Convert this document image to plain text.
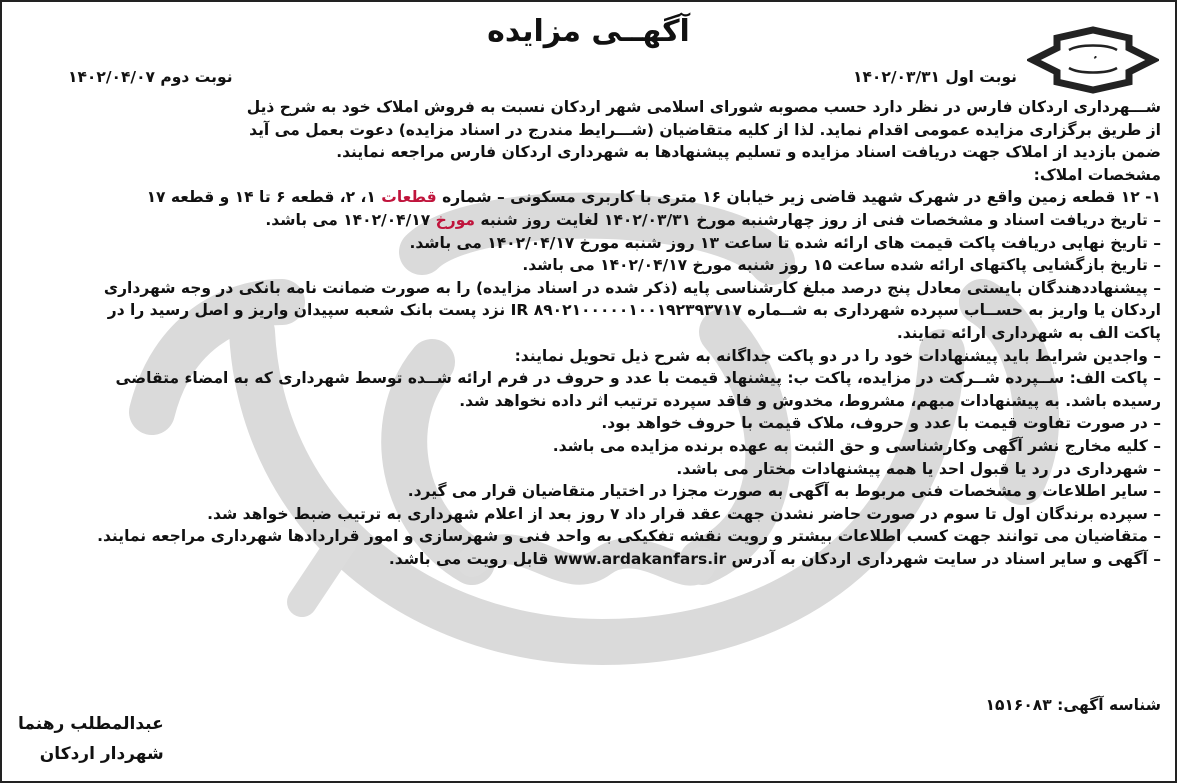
آگهــی مزایده
نوبت اول ۱۴۰۲/۰۳/۳۱
نوبت دوم ۱۴۰۲/۰۴/۰۷

شـــهرداری اردکان فارس در نظر دارد حسب مصوبه شورای اسلامی شهر اردکان نسبت به فروش املاک خود به شرح ذیل

از طریق برگزاری مزایده عمومی اقدام نماید. لذا از کلیه متقاضیان (شـــرایط مندرج در اسناد مزایده) دعوت بعمل می آید

ضمن بازدید از املاک جهت دریافت اسناد مزایده و تسلیم پیشنهادها به شهرداری اردکان فارس مراجعه نمایند.

مشخصات املاک:

۱- ۱۲ قطعه زمین واقع در شهرک شهید قاضی زیر خیابان ۱۶ متری با کاربری مسکونی – شماره قطعات ۱، ۲، قطعه ۶ تا ۱۴ و قطعه ۱۷

– تاریخ دریافت اسناد و مشخصات فنی از روز چهارشنبه مورخ ۱۴۰۲/۰۳/۳۱ لغایت روز شنبه مورخ ۱۴۰۲/۰۴/۱۷ می باشد.

– تاریخ نهایی دریافت پاکت قیمت های ارائه شده تا ساعت ۱۳ روز شنبه مورخ ۱۴۰۲/۰۴/۱۷ می باشد.

– تاریخ بازگشایی پاکتهای ارائه شده ساعت ۱۵ روز شنبه مورخ ۱۴۰۲/۰۴/۱۷ می باشد.

– پیشنهاددهندگان بایستی معادل پنج درصد مبلغ کارشناسی پایه (ذکر شده در اسناد مزایده) را به صورت ضمانت نامه بانکی در وجه شهرداری

اردکان یا واریز به حســاب سپرده شهرداری به شــماره IR ۸۹۰۲۱۰۰۰۰۰۱۰۰۱۹۲۳۹۳۷۱۷ نزد پست بانک شعبه سپیدان واریز و اصل رسید را در

پاکت الف به شهرداری ارائه نمایند.

– واجدین شرایط باید پیشنهادات خود را در دو پاکت جداگانه به شرح ذیل تحویل نمایند:

– پاکت الف: ســپرده شــرکت در مزایده، پاکت ب: پیشنهاد قیمت با عدد و حروف در فرم ارائه شــده توسط شهرداری که به امضاء متقاضی

رسیده باشد. به پیشنهادات مبهم، مشروط، مخدوش و فاقد سپرده ترتیب اثر داده نخواهد شد.

– در صورت تفاوت قیمت با عدد و حروف، ملاک قیمت با حروف خواهد بود.

– کلیه مخارج نشر آگهی وکارشناسی و حق الثبت به عهده برنده مزایده می باشد.

– شهرداری در رد یا قبول احد یا همه پیشنهادات مختار می باشد.

– سایر اطلاعات و مشخصات فنی مربوط به آگهی به صورت مجزا در اختیار متقاضیان قرار می گیرد.

– سپرده برندگان اول تا سوم در صورت حاضر نشدن جهت عقد قرار داد ۷ روز بعد از اعلام شهرداری به ترتیب ضبط خواهد شد.

– متقاضیان می توانند جهت کسب اطلاعات بیشتر و رویت نقشه تفکیکی به واحد فنی و شهرسازی و امور قراردادها شهرداری مراجعه نمایند.

– آگهی و سایر اسناد در سایت شهرداری اردکان به آدرس www.ardakanfars.ir قابل رویت می باشد.

شناسه آگهی: ۱۵۱۶۰۸۳
عبدالمطلب رهنما
شهردار اردکان
